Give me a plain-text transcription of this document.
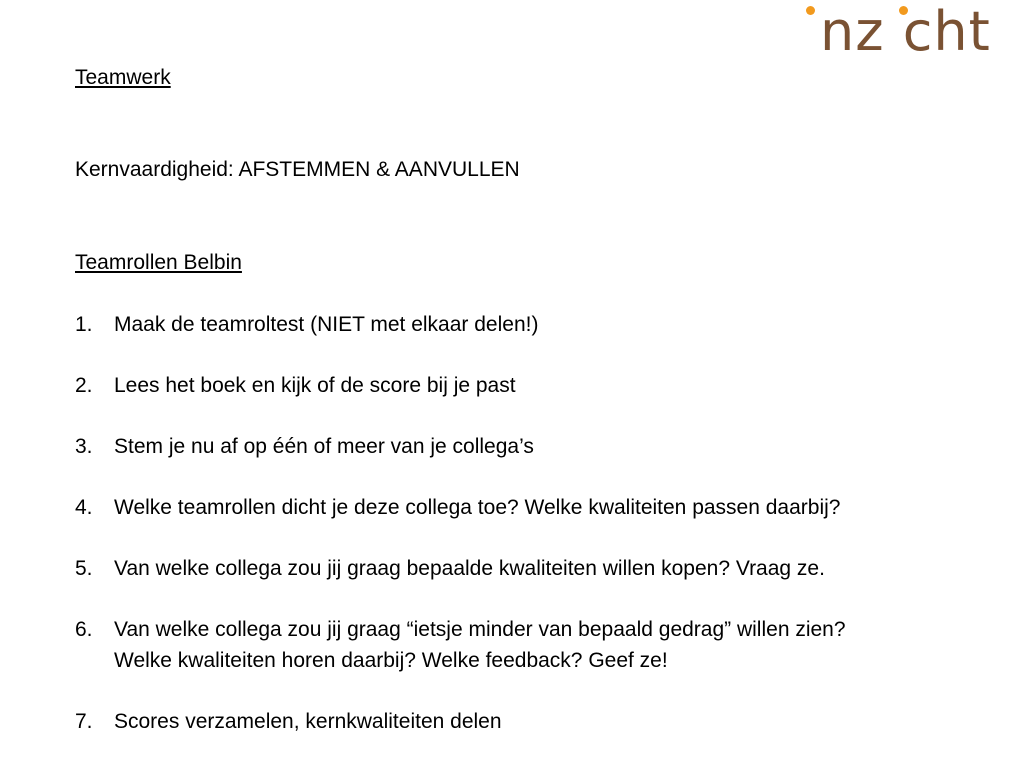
nz cht
Teamwerk
Kernvaardigheid: AFSTEMMEN & AANVULLEN
Teamrollen Belbin
1. Maak de teamroltest (NIET met elkaar delen!)
2. Lees het boek en kijk of de score bij je past
3. Stem je nu af op één of meer van je collega’s
4. Welke teamrollen dicht je deze collega toe? Welke kwaliteiten passen daarbij?
5. Van welke collega zou jij graag bepaalde kwaliteiten willen kopen? Vraag ze.
6. Van welke collega zou jij graag “ietsje minder van bepaald gedrag” willen zien?
Welke kwaliteiten horen daarbij? Welke feedback? Geef ze!
7. Scores verzamelen, kernkwaliteiten delen
